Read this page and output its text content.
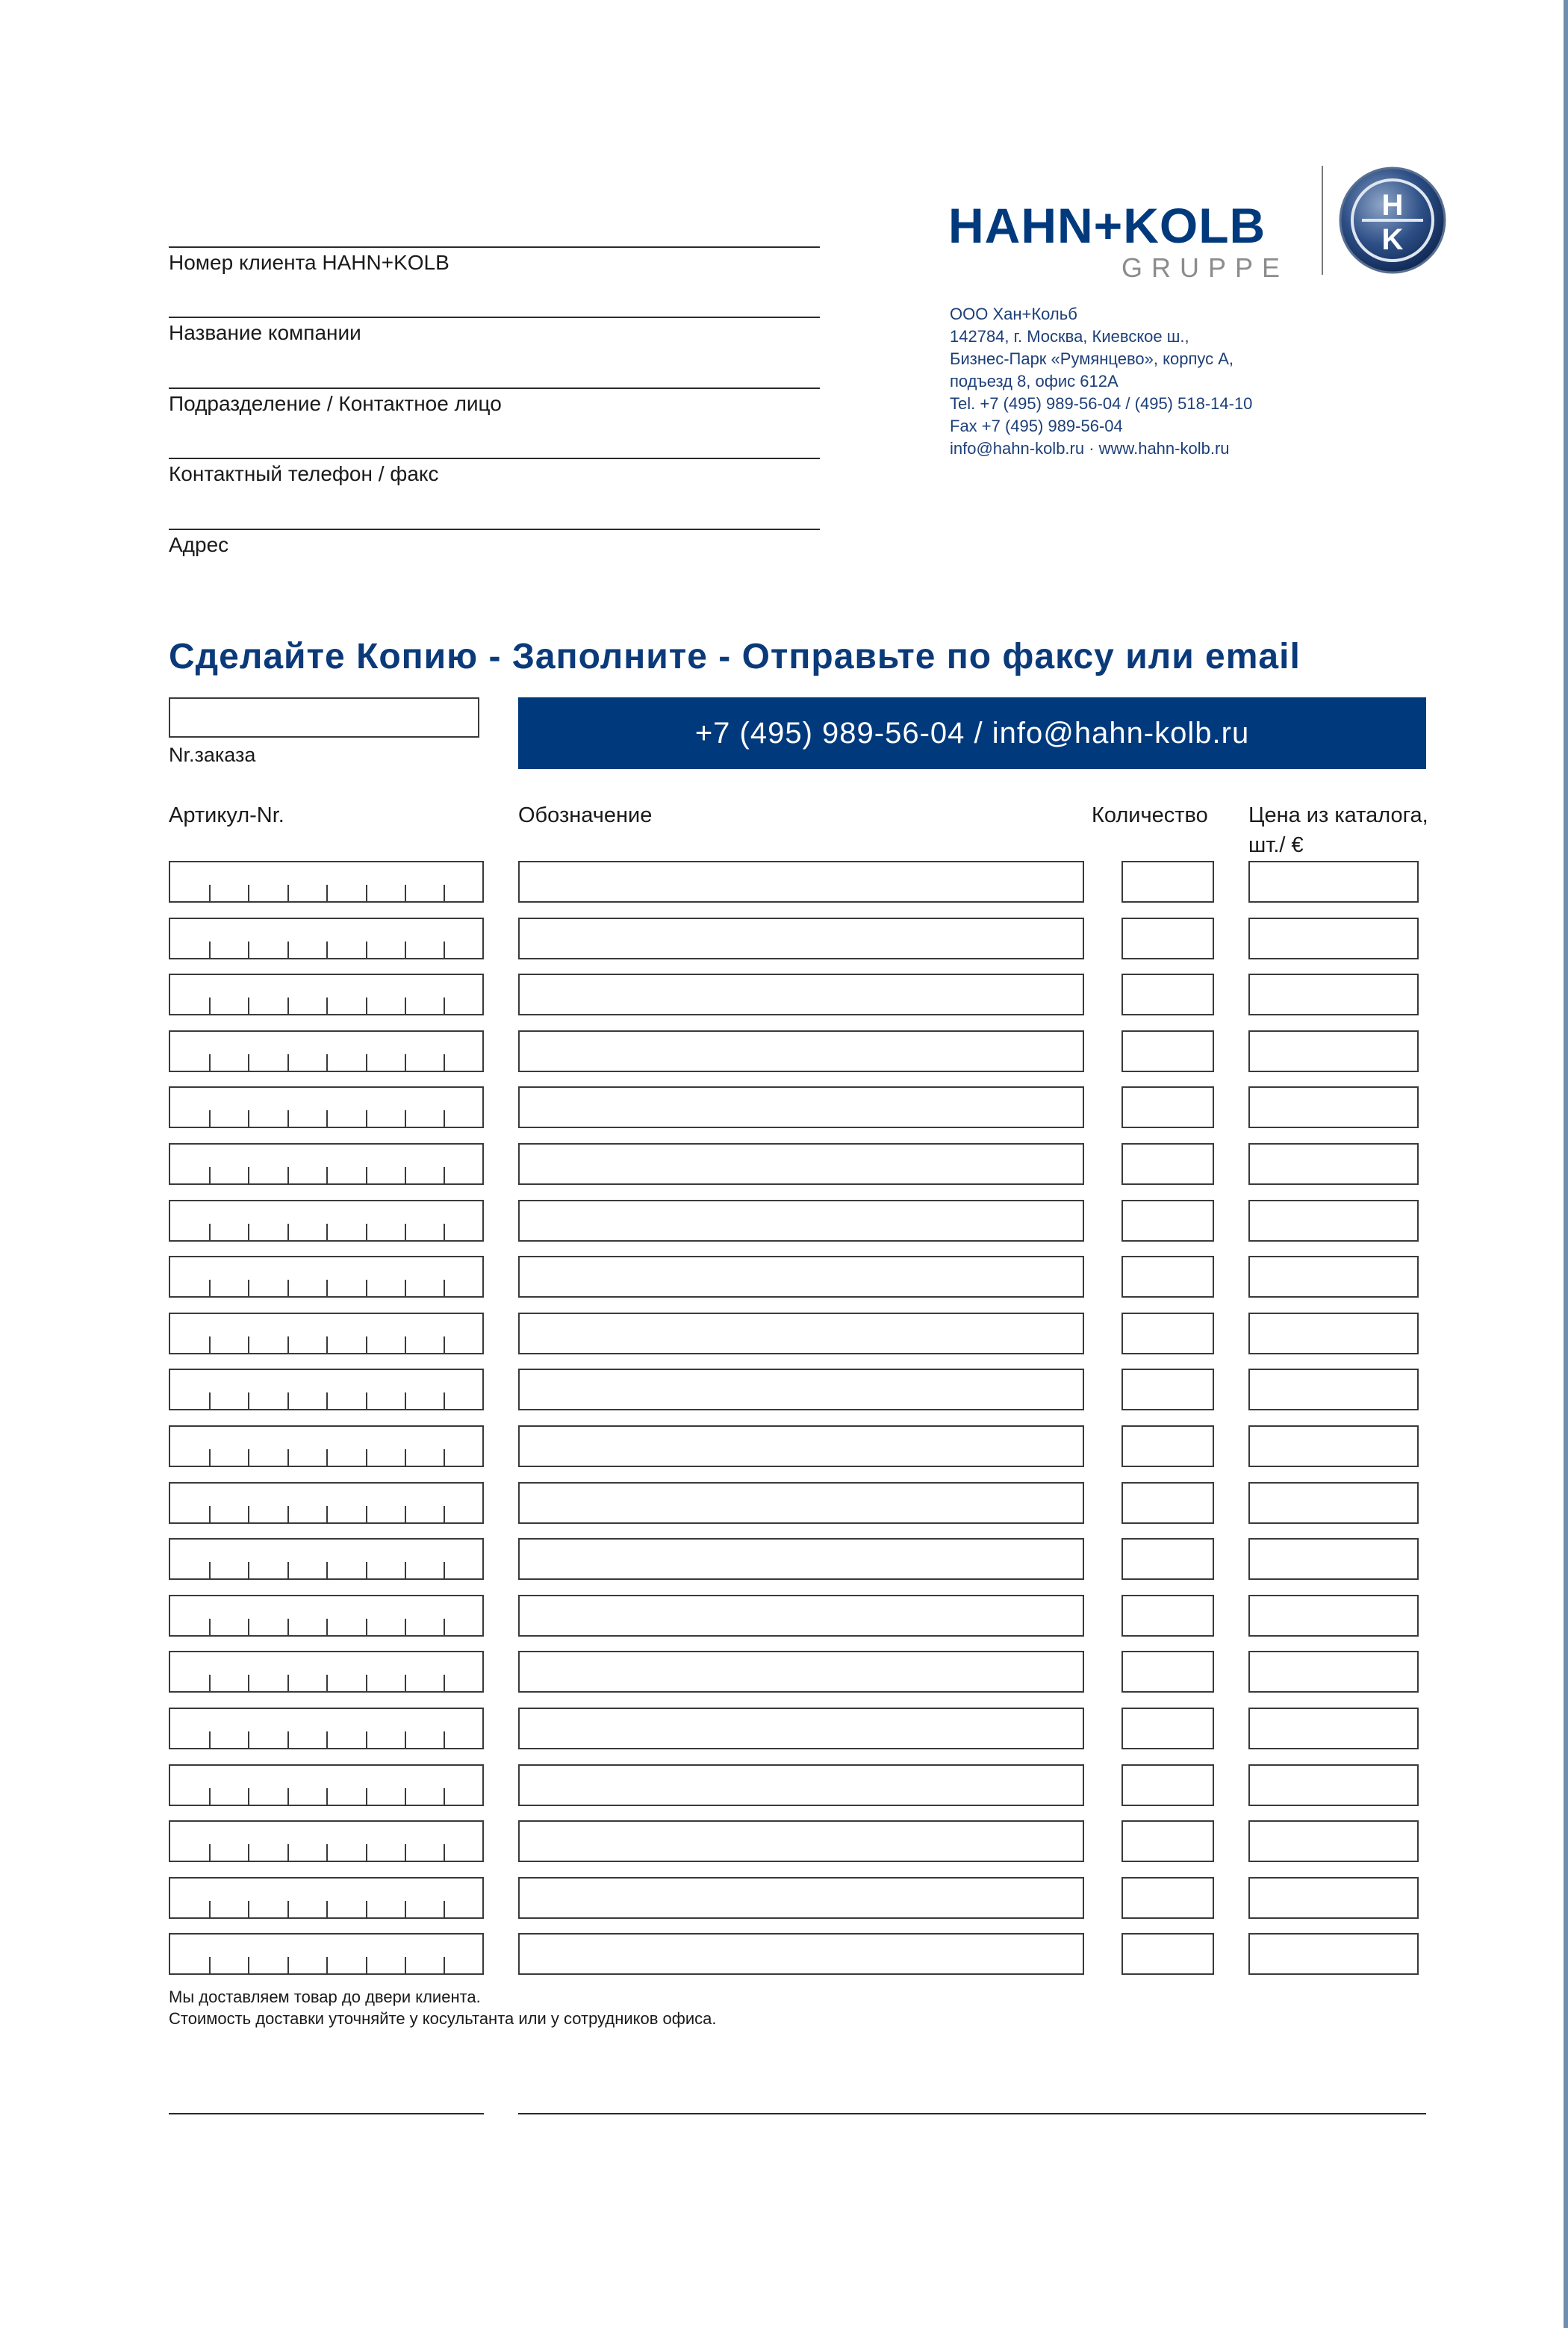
Номер клиента HAHN+KOLB
Название компании
Подразделение / Контактное лицо
Контактный телефон / факс
Адрес
HAHN+KOLB
GRUPPE
H
K
ООО Хан+Кольб
142784, г. Москва, Киевское ш.,
Бизнес-Парк «Румянцево», корпус А,
подъезд 8, офис 612А
Tel. +7 (495) 989-56-04 / (495) 518-14-10
Fax +7 (495) 989-56-04
info@hahn-kolb.ru · www.hahn-kolb.ru
Сделайте Копию - Заполните - Отправьте по факсу или email
Nr.заказа
+7 (495) 989-56-04 / info@hahn-kolb.ru
Артикул-Nr.	Обозначение	Количество Цена из каталога,
шт./ €
Мы доставляем товар до двери клиента.
Стоимость доставки уточняйте у косультанта или у сотрудников офиса.
